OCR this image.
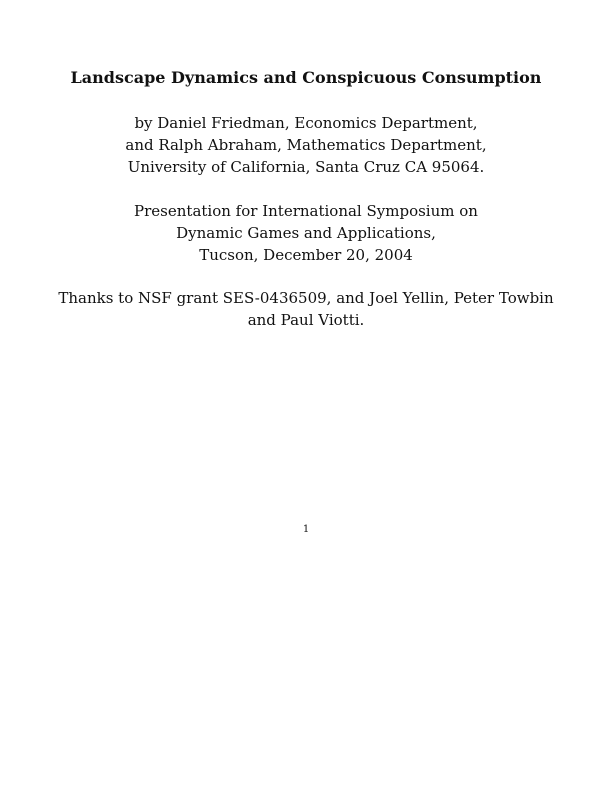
Landscape Dynamics and Conspicuous Consumption
by Daniel Friedman, Economics Department,
and Ralph Abraham, Mathematics Department,
University of California, Santa Cruz CA 95064.
Presentation for International Symposium on
Dynamic Games and Applications,
Tucson, December 20, 2004
Thanks to NSF grant SES-0436509, and Joel Yellin, Peter Towbin
and Paul Viotti.
1
